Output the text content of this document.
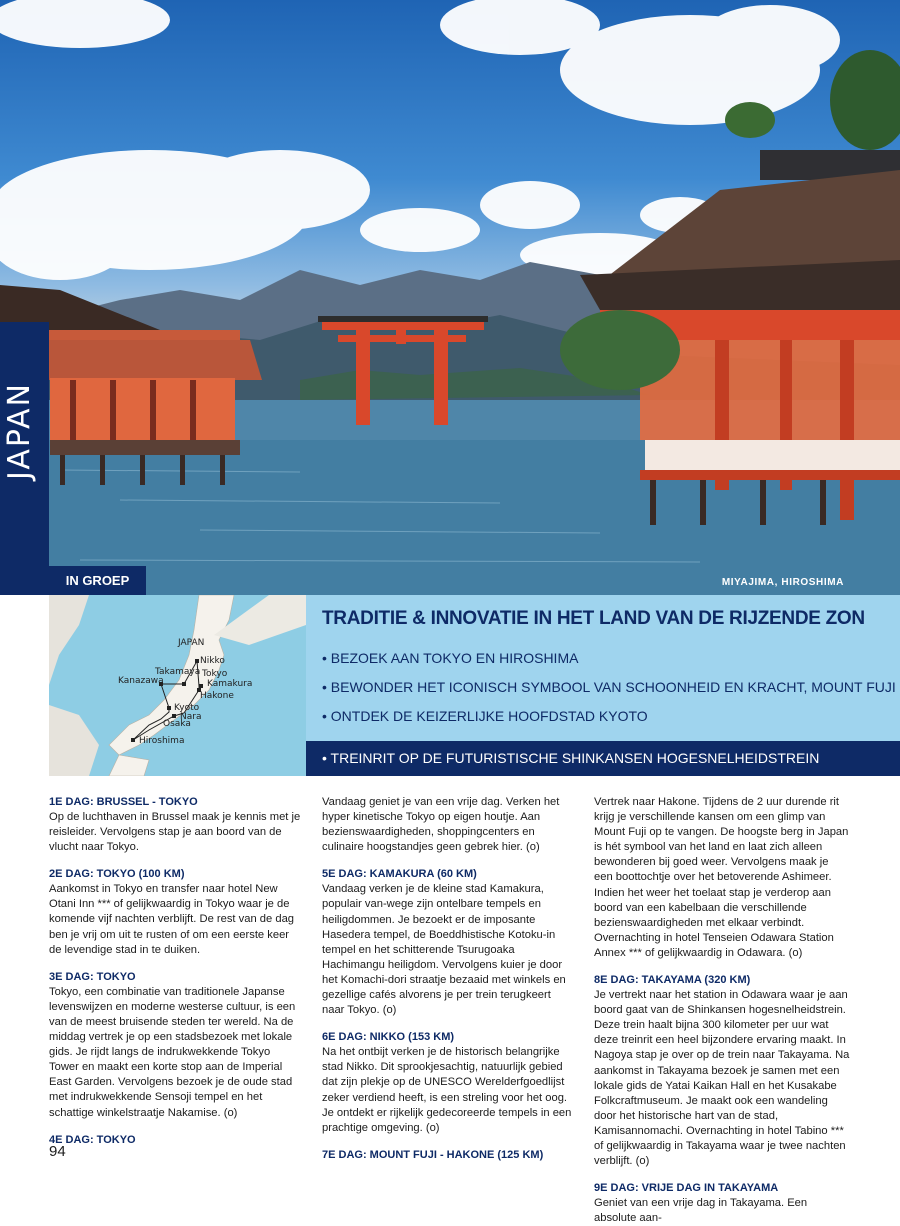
IN GROEP	MIYAJIMA, HIROSHIMA
JAPAN
Nikko
Takamaya Tokyo
Kanazawa	Kamakura
Hakone
Kyoto
Nara
Osaka
Hiroshima
TRADITIE & INNOVATIE IN HET LAND VAN DE RIJZENDE ZON
• BEZOEK AAN TOKYO EN HIROSHIMA
• BEWONDER HET ICONISCH SYMBOOL VAN SCHOONHEID EN KRACHT, MOUNT FUJI
• ONTDEK DE KEIZERLIJKE HOOFDSTAD KYOTO
• TREINRIT OP DE FUTURISTISCHE SHINKANSEN HOGESNELHEIDSTREIN
1E DAG: BRUSSEL - TOKYO

Op de luchthaven in Brussel maak je kennis met je reisleider. Vervolgens stap je aan boord van de vlucht naar Tokyo.

2E DAG: TOKYO (100 KM)

Aankomst in Tokyo en transfer naar hotel New Otani Inn *** of gelijkwaardig in Tokyo waar je de komende vijf nachten verblijft. De rest van de dag ben je vrij om uit te rusten of om een eerste keer de levendige stad in te duiken.

3E DAG: TOKYO

Tokyo, een combinatie van traditionele Japanse levenswijzen en moderne westerse cultuur, is een van de meest bruisende steden ter wereld. Na de middag vertrek je op een stadsbezoek met lokale gids. Je rijdt langs de indrukwekkende Tokyo Tower en maakt een korte stop aan de Imperial East Garden. Vervolgens bezoek je de oude stad met indrukwekkende Sensoji tempel en het schattige winkelstraatje Nakamise. (o)

4E DAG: TOKYO

Vandaag geniet je van een vrije dag. Verken het hyper kinetische Tokyo op eigen houtje. Aan bezienswaardigheden, shoppingcenters en culinaire hoogstandjes geen gebrek hier. (o)

5E DAG: KAMAKURA (60 KM)

Vandaag verken je de kleine stad Kamakura, populair van-wege zijn ontelbare tempels en heiligdommen. Je bezoekt er de imposante Hasedera tempel, de Boeddhistische Kotoku-in tempel en het schitterende Tsurugoaka Hachimangu heiligdom. Vervolgens kuier je door het Komachi-dori straatje bezaaid met winkels en gezellige cafés alvorens je per trein terugkeert naar Tokyo. (o)

6E DAG: NIKKO (153 KM)

Na het ontbijt verken je de historisch belangrijke stad Nikko. Dit sprookjesachtig, natuurlijk gebied dat zijn plekje op de UNESCO Werelderfgoedlijst zeker verdiend heeft, is een streling voor het oog. Je ontdekt er rijkelijk gedecoreerde tempels in een prachtige omgeving. (o)

7E DAG: MOUNT FUJI - HAKONE (125 KM)

Vertrek naar Hakone. Tijdens de 2 uur durende rit krijg je verschillende kansen om een glimp van Mount Fuji op te vangen. De hoogste berg in Japan is hét symbool van het land en laat zich alleen bewonderen bij goed weer. Vervolgens maak je een boottochtje over het betoverende Ashimeer. Indien het weer het toelaat stap je verderop aan boord van een kabelbaan die verschillende bezienswaardigheden met elkaar verbindt. Overnachting in hotel Tenseien Odawara Station Annex *** of gelijkwaardig in Odawara. (o)

8E DAG: TAKAYAMA (320 KM)

Je vertrekt naar het station in Odawara waar je aan boord gaat van de Shinkansen hogesnelheidstrein. Deze trein haalt bijna 300 kilometer per uur wat deze treinrit een heel bijzondere ervaring maakt. In Nagoya stap je over op de trein naar Takayama. Na aankomst in Takayama bezoek je samen met een lokale gids de Yatai Kaikan Hall en het Kusakabe Folkcraftmuseum. Je maakt ook een wandeling door het historische hart van de stad, Kamisannomachi. Overnachting in hotel Tabino *** of gelijkwaardig in Takayama waar je twee nachten verblijft. (o)

9E DAG: VRIJE DAG IN TAKAYAMA

Geniet van een vrije dag in Takayama. Een absolute aan-

94
